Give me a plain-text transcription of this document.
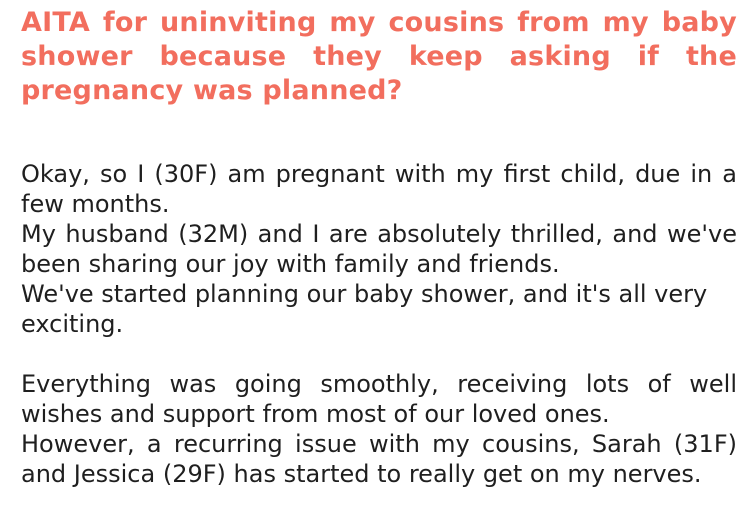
AITA for uninviting my cousins from my baby shower because they keep asking if the pregnancy was planned?
Okay, so I (30F) am pregnant with my first child, due in a few months.
My husband (32M) and I are absolutely thrilled, and we've been sharing our joy with family and friends.
We've started planning our baby shower, and it's all very exciting.
Everything was going smoothly, receiving lots of well wishes and support from most of our loved ones.
However, a recurring issue with my cousins, Sarah (31F) and Jessica (29F) has started to really get on my nerves.
